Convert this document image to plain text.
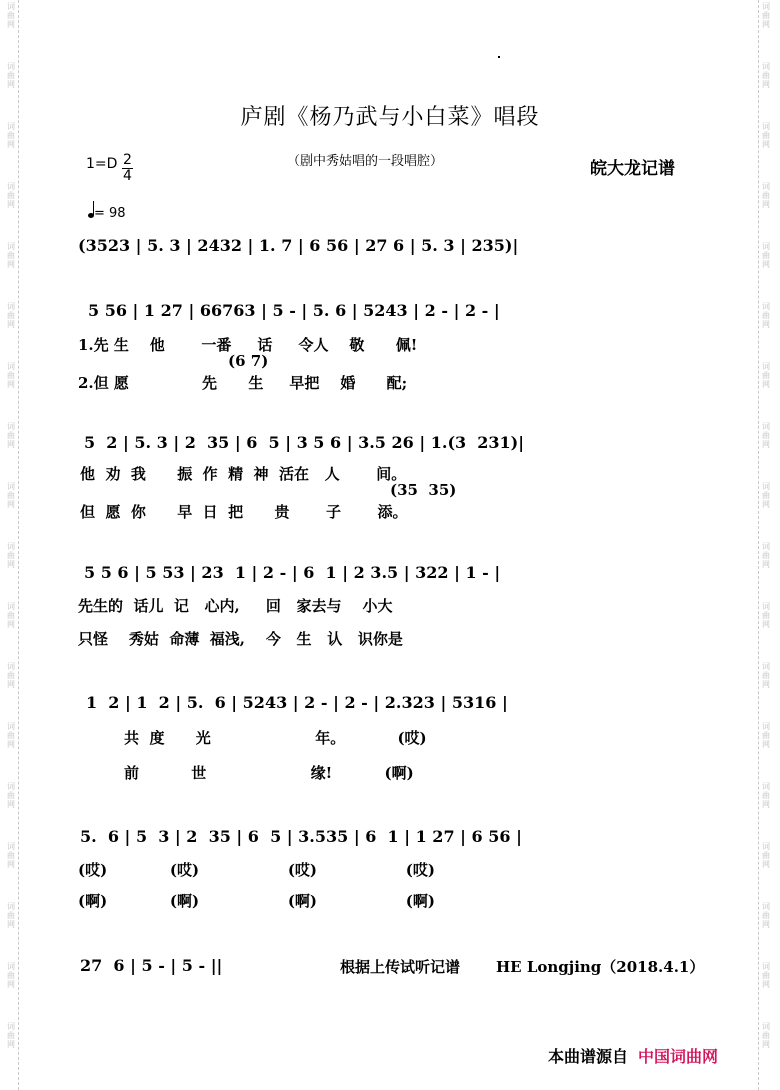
词
曲
网
词
曲
网
词
曲
网
词
曲
网
词
曲
网
词
曲
网
词
曲
网
词
曲
网
词
曲
网
词
曲
网
词
曲
网
词
曲
网
词
曲
网
词
曲
网
词
曲
网
词
曲
网
词
曲
网
词
曲
网
词
曲
网
词
曲
网
词
曲
网
词
曲
网
词
曲
网
词
曲
网
词
曲
网
词
曲
网
词
曲
网
词
曲
网
词
曲
网
词
曲
网
词
曲
网
词
曲
网
词
曲
网
词
曲
网
词
曲
网
词
曲
网
庐剧《杨乃武与小白菜》唱段
（剧中秀姑唱的一段唱腔）	皖大龙记谱
1=D 2
4
= 98

(3523 | 5. 3 | 2432 | 1. 7 | 6 56 | 27 6 | 5. 3 | 235)|

5 56 | 1 27 | 66763 | 5 - | 5. 6 | 5243 | 2 - | 2 - |

1.先 生    他       一番     话     令人    敬      佩!
(6 7)
2.但 愿              先      生     早把    婚      配;

5  2 | 5. 3 | 2  35 | 6  5 | 3 5 6 | 3.5 26 | 1.(3  231)|

他  劝  我      振  作  精  神  活在   人       间。
(35  35)
但  愿  你      早  日  把      贵       子       添。

5 5 6 | 5 53 | 23  1 | 2 - | 6  1 | 2 3.5 | 322 | 1 - |

先生的  话儿  记   心内,     回   家去与    小大
只怪    秀姑  命薄  福浅,    今   生   认   识你是

1  2 | 1  2 | 5.  6 | 5243 | 2 - | 2 - | 2.323 | 5316 |

共  度      光                    年。          (哎)
前          世                    缘!          (啊)

5.  6 | 5  3 | 2  35 | 6  5 | 3.535 | 6  1 | 1 27 | 6 56 |

(哎)            (哎)                 (哎)                 (哎)
(啊)            (啊)                 (啊)                 (啊)

27  6 | 5 - | 5 - ||	根据上传试听记谱 HE Longjing（2018.4.1）
本曲谱源自 中国词曲网
